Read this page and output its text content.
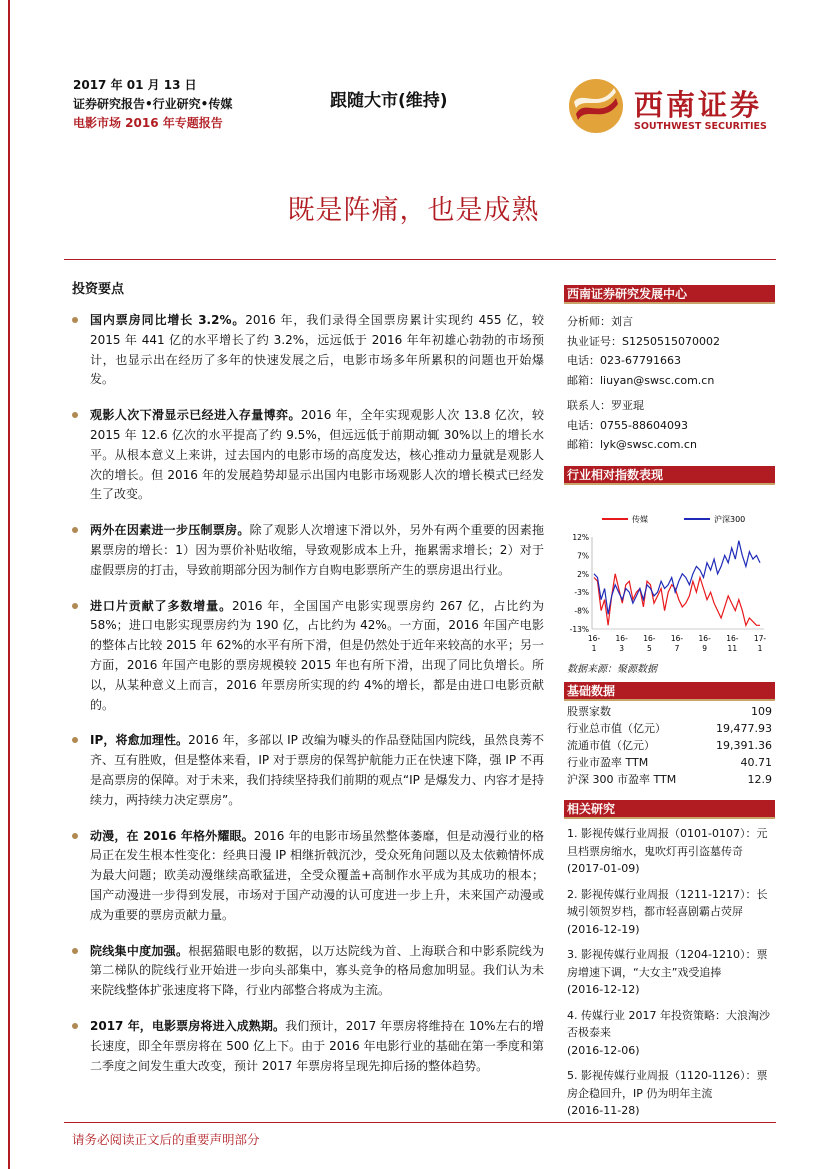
2017 年 01 月 13 日
证券研究报告•行业研究•传媒
电影市场 2016 年专题报告
跟随大市(维持)	西南证券
SOUTHWEST SECURITIES
既是阵痛，也是成熟
投资要点
国内票房同比增长 3.2%。2016 年，我们录得全国票房累计实现约 455 亿，较 2015 年 441 亿的水平增长了约 3.2%，远远低于 2016 年年初雄心勃勃的市场预计，也显示出在经历了多年的快速发展之后，电影市场多年所累积的问题也开始爆发。
观影人次下滑显示已经进入存量博弈。2016 年，全年实现观影人次 13.8 亿次，较 2015 年 12.6 亿次的水平提高了约 9.5%，但远远低于前期动辄 30%以上的增长水平。从根本意义上来讲，过去国内的电影市场的高度发达，核心推动力量就是观影人次的增长。但 2016 年的发展趋势却显示出国内电影市场观影人次的增长模式已经发生了改变。
两外在因素进一步压制票房。除了观影人次增速下滑以外，另外有两个重要的因素拖累票房的增长：1）因为票价补贴收缩，导致观影成本上升，拖累需求增长；2）对于虚假票房的打击，导致前期部分因为制作方自购电影票所产生的票房退出行业。
进口片贡献了多数增量。2016 年，全国国产电影实现票房约 267 亿，占比约为 58%；进口电影实现票房约为 190 亿，占比约为 42%。一方面，2016 年国产电影的整体占比较 2015 年 62%的水平有所下滑，但是仍然处于近年来较高的水平；另一方面，2016 年国产电影的票房规模较 2015 年也有所下滑，出现了同比负增长。所以，从某种意义上而言，2016 年票房所实现的约 4%的增长，都是由进口电影贡献的。
IP，将愈加理性。2016 年，多部以 IP 改编为噱头的作品登陆国内院线，虽然良莠不齐、互有胜败，但是整体来看，IP 对于票房的保驾护航能力正在快速下降，强 IP 不再是高票房的保障。对于未来，我们持续坚持我们前期的观点“IP 是爆发力、内容才是持续力，两持续力决定票房”。
动漫，在 2016 年格外耀眼。2016 年的电影市场虽然整体萎靡，但是动漫行业的格局正在发生根本性变化：经典日漫 IP 相继折戟沉沙，受众死角问题以及太依赖情怀成为最大问题；欧美动漫继续高歌猛进，全受众覆盖+高制作水平成为其成功的根本；国产动漫进一步得到发展，市场对于国产动漫的认可度进一步上升，未来国产动漫或成为重要的票房贡献力量。
院线集中度加强。根据猫眼电影的数据，以万达院线为首、上海联合和中影系院线为第二梯队的院线行业开始进一步向头部集中，寡头竞争的格局愈加明显。我们认为未来院线整体扩张速度将下降，行业内部整合将成为主流。
2017 年，电影票房将进入成熟期。我们预计，2017 年票房将维持在 10%左右的增长速度，即全年票房将在 500 亿上下。由于 2016 年电影行业的基础在第一季度和第二季度之间发生重大改变，预计 2017 年票房将呈现先抑后扬的整体趋势。
西南证券研究发展中心
分析师：刘言
执业证号：S1250515070002
电话：023-67791663
邮箱：liuyan@swsc.com.cn
联系人：罗亚琨
电话：0755-88604093
邮箱：lyk@swsc.com.cn
行业相对指数表现
传媒	沪深300
12%
7%
2%
-3%
-8%
-13%
16-
1
16-
3
16-
5
16-
7
16-
9
16-
11
17-
1
数据来源：聚源数据
基础数据
股票家数	109
行业总市值（亿元）	19,477.93
流通市值（亿元）	19,391.36
行业市盈率 TTM	40.71
沪深 300 市盈率 TTM	12.9
相关研究
1. 影视传媒行业周报（0101-0107）：元旦档票房缩水，鬼吹灯再引盗墓传奇
(2017-01-09)
2. 影视传媒行业周报（1211-1217）：长城引领贺岁档，都市轻喜剧霸占荧屏
(2016-12-19)
3. 影视传媒行业周报（1204-1210）：票房增速下调，“大女主”戏受追捧
(2016-12-12)
4. 传媒行业 2017 年投资策略：大浪淘沙否极泰来
(2016-12-06)
5. 影视传媒行业周报（1120-1126）：票房企稳回升，IP 仍为明年主流
(2016-11-28)
请务必阅读正文后的重要声明部分
